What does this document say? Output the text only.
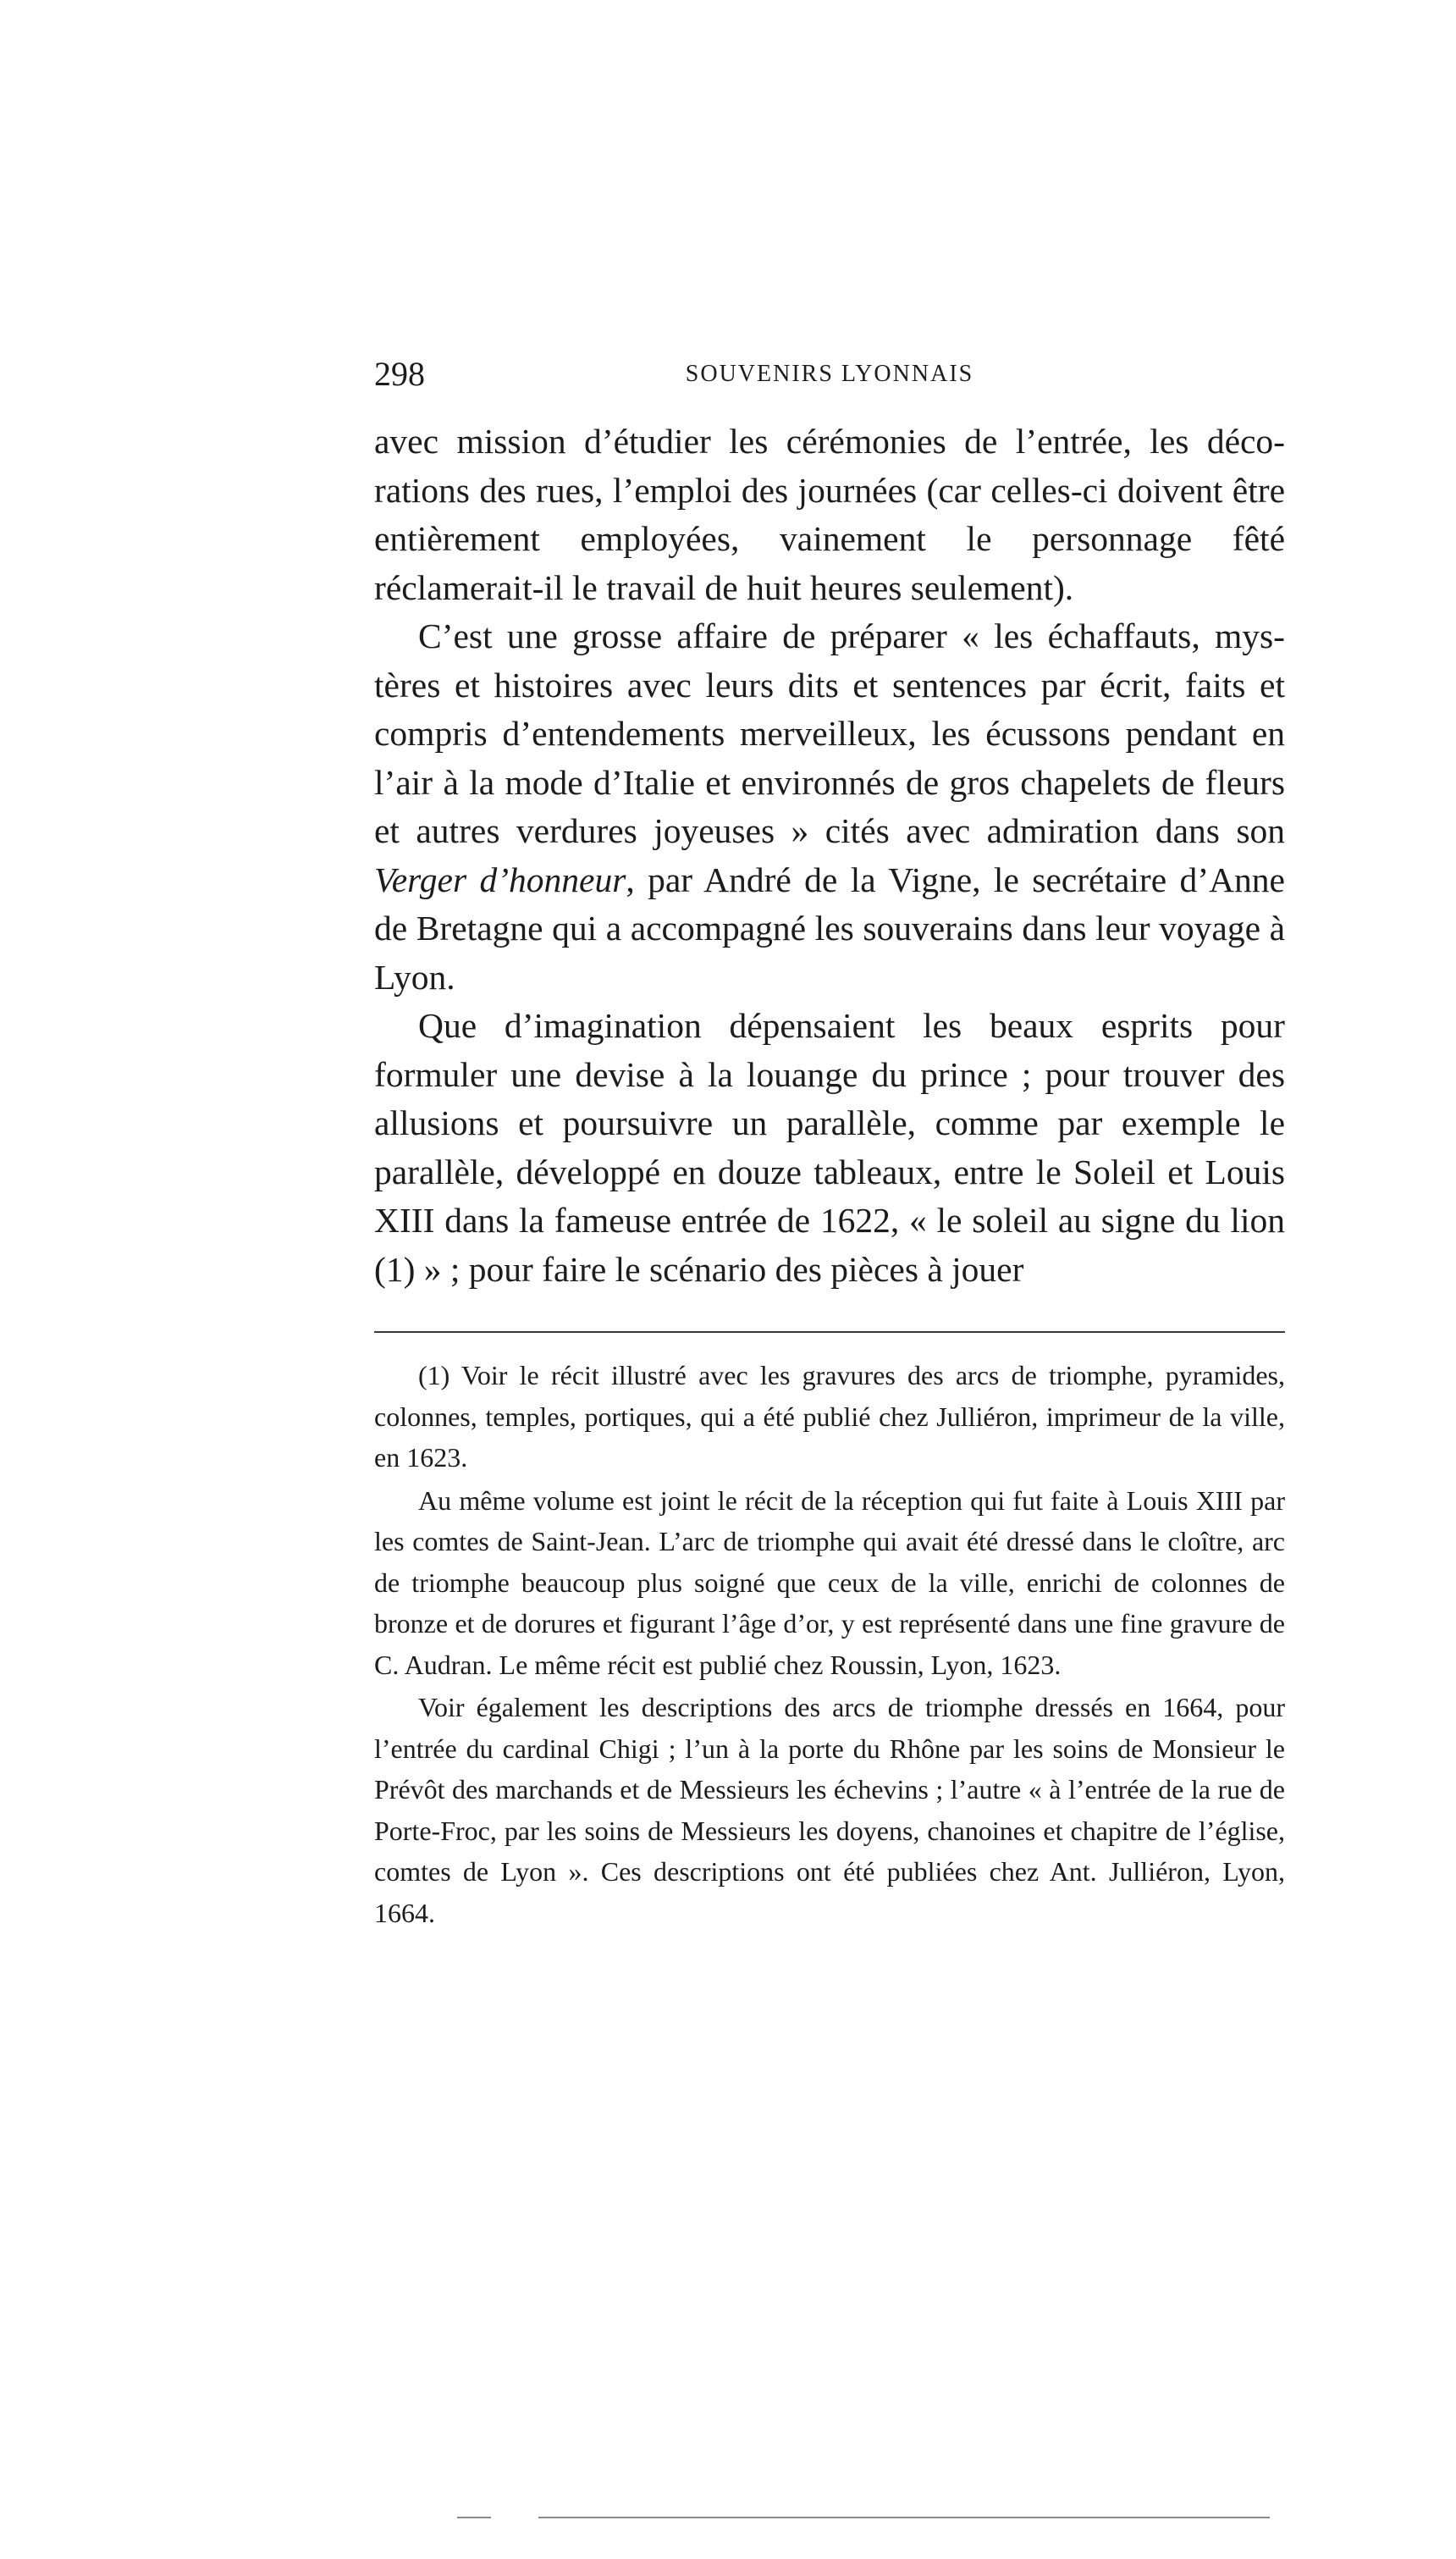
298	SOUVENIRS LYONNAIS

avec mission d’étudier les cérémonies de l’entrée, les décorations des rues, l’emploi des journées (car celles-ci doivent être entièrement employées, vainement le personnage fêté réclamerait-il le travail de huit heures seulement).

C’est une grosse affaire de préparer « les échaffauts, mystères et histoires avec leurs dits et sentences par écrit, faits et compris d’entendements merveilleux, les écussons pendant en l’air à la mode d’Italie et environnés de gros chapelets de fleurs et autres verdures joyeuses » cités avec admiration dans son Verger d’honneur, par André de la Vigne, le secrétaire d’Anne de Bretagne qui a accompagné les souverains dans leur voyage à Lyon.

Que d’imagination dépensaient les beaux esprits pour formuler une devise à la louange du prince ; pour trouver des allusions et poursuivre un parallèle, comme par exemple le parallèle, développé en douze tableaux, entre le Soleil et Louis XIII dans la fameuse entrée de 1622, « le soleil au signe du lion (1) » ; pour faire le scénario des pièces à jouer

(1) Voir le récit illustré avec les gravures des arcs de triomphe, pyramides, colonnes, temples, portiques, qui a été publié chez Julliéron, imprimeur de la ville, en 1623.

Au même volume est joint le récit de la réception qui fut faite à Louis XIII par les comtes de Saint-Jean. L’arc de triomphe qui avait été dressé dans le cloître, arc de triomphe beaucoup plus soigné que ceux de la ville, enrichi de colonnes de bronze et de dorures et figurant l’âge d’or, y est représenté dans une fine gravure de C. Audran. Le même récit est publié chez Roussin, Lyon, 1623.

Voir également les descriptions des arcs de triomphe dressés en 1664, pour l’entrée du cardinal Chigi ; l’un à la porte du Rhône par les soins de Monsieur le Prévôt des marchands et de Messieurs les échevins ; l’autre « à l’entrée de la rue de Porte-Froc, par les soins de Messieurs les doyens, chanoines et chapitre de l’église, comtes de Lyon ». Ces descriptions ont été publiées chez Ant. Julliéron, Lyon, 1664.
